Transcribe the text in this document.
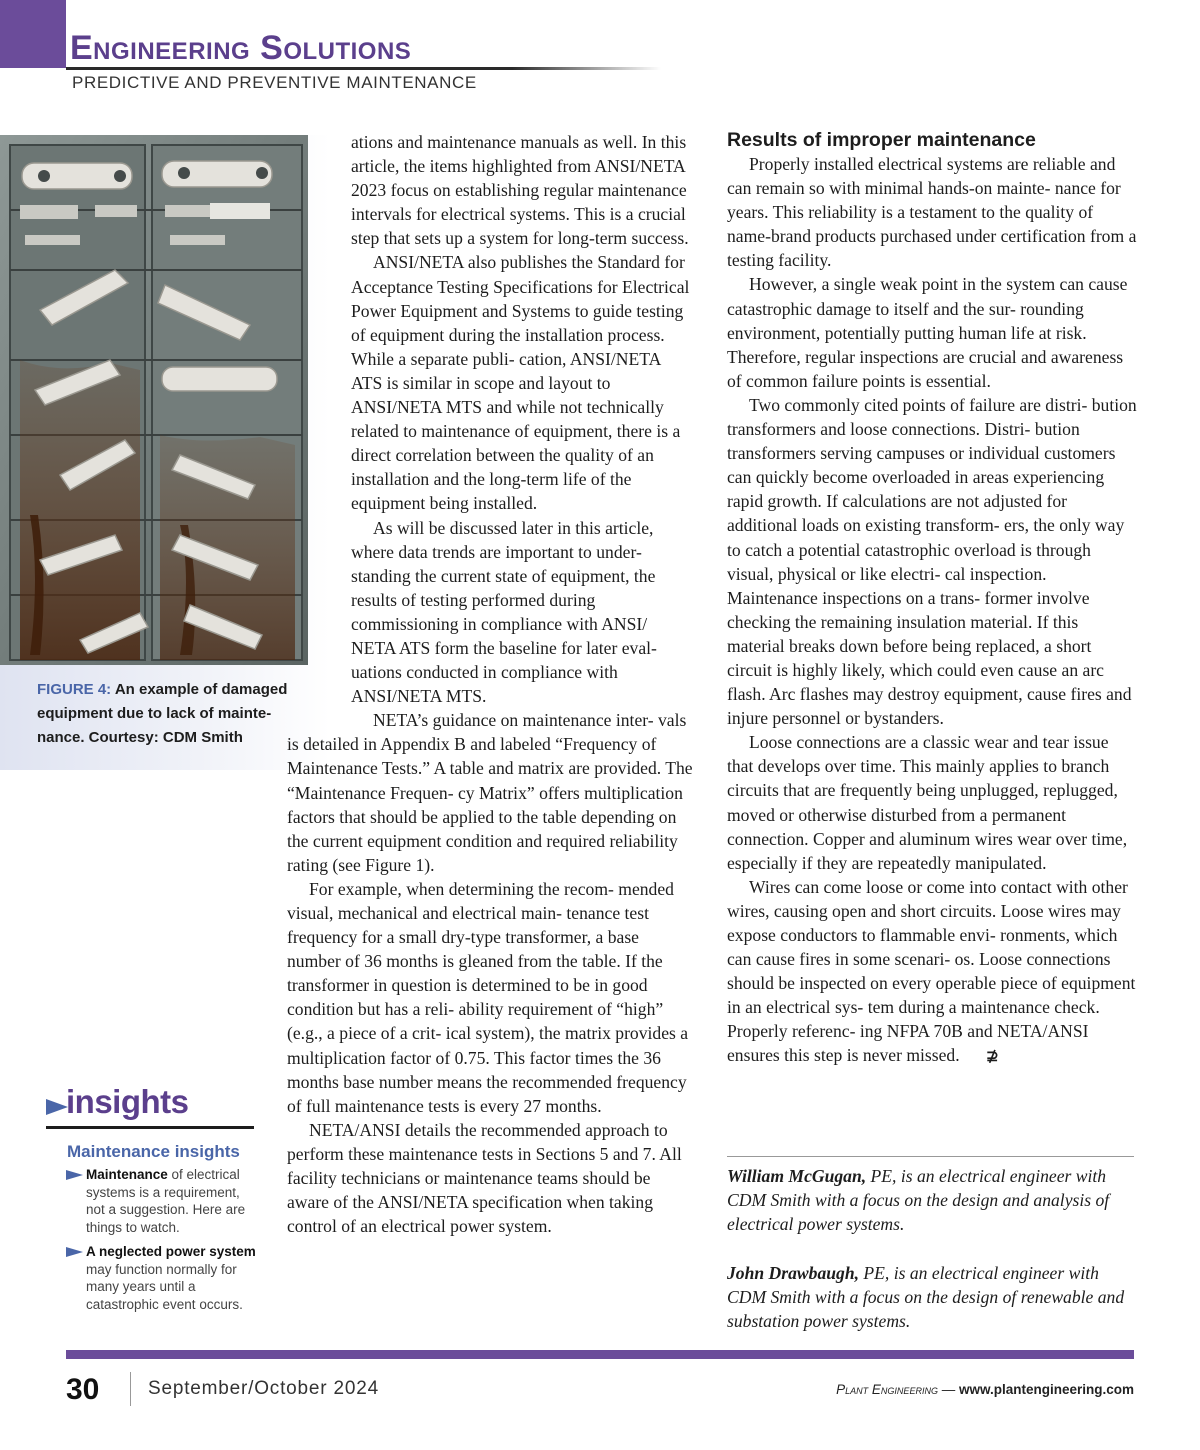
Engineering Solutions
PREDICTIVE AND PREVENTIVE MAINTENANCE
FIGURE 4: An example of damaged equipment due to lack of mainte- nance. Courtesy: CDM Smith
insights
Maintenance insights
Maintenance of electrical systems is a requirement, not a suggestion. Here are things to watch.
A neglected power system may function normally for many years until a catastrophic event occurs.

ations and maintenance manuals as well. In this article, the items highlighted from ANSI/NETA 2023 focus on establishing regular maintenance intervals for electrical systems. This is a crucial step that sets up a system for long-term success.

ANSI/NETA also publishes the Standard for Acceptance Testing Specifications for Electrical Power Equipment and Systems to guide testing of equipment during the installation process. While a separate publi- cation, ANSI/NETA ATS is similar in scope and layout to ANSI/NETA MTS and while not technically related to maintenance of equipment, there is a direct correlation between the quality of an installation and the long-term life of the equipment being installed.

As will be discussed later in this article, where data trends are important to under- standing the current state of equipment, the results of testing performed during commissioning in compliance with ANSI/ NETA ATS form the baseline for later eval- uations conducted in compliance with ANSI/NETA MTS.

NETA’s guidance on maintenance inter- vals is detailed in Appendix B and labeled “Frequency of Maintenance Tests.” A table and matrix are provided. The “Maintenance Frequen- cy Matrix” offers multiplication factors that should be applied to the table depending on the current equipment condition and required reliability rating (see Figure 1).

For example, when determining the recom- mended visual, mechanical and electrical main- tenance test frequency for a small dry-type transformer, a base number of 36 months is gleaned from the table. If the transformer in question is determined to be in good condition but has a reli- ability requirement of “high” (e.g., a piece of a crit- ical system), the matrix provides a multiplication factor of 0.75. This factor times the 36 months base number means the recommended frequency of full maintenance tests is every 27 months.

NETA/ANSI details the recommended approach to perform these maintenance tests in Sections 5 and 7. All facility technicians or maintenance teams should be aware of the ANSI/NETA specification when taking control of an electrical power system.

Results of improper maintenance

Properly installed electrical systems are reliable and can remain so with minimal hands-on mainte- nance for years. This reliability is a testament to the quality of name-brand products purchased under certification from a testing facility.

However, a single weak point in the system can cause catastrophic damage to itself and the sur- rounding environment, potentially putting human life at risk. Therefore, regular inspections are crucial and awareness of common failure points is essential.

Two commonly cited points of failure are distri- bution transformers and loose connections. Distri- bution transformers serving campuses or individual customers can quickly become overloaded in areas experiencing rapid growth. If calculations are not adjusted for additional loads on existing transform- ers, the only way to catch a potential catastrophic overload is through visual, physical or like electri- cal inspection. Maintenance inspections on a trans- former involve checking the remaining insulation material. If this material breaks down before being replaced, a short circuit is highly likely, which could even cause an arc flash. Arc flashes may destroy equipment, cause fires and injure personnel or bystanders.

Loose connections are a classic wear and tear issue that develops over time. This mainly applies to branch circuits that are frequently being unplugged, replugged, moved or otherwise disturbed from a permanent connection. Copper and aluminum wires wear over time, especially if they are repeatedly manipulated.

Wires can come loose or come into contact with other wires, causing open and short circuits. Loose wires may expose conductors to flammable envi- ronments, which can cause fires in some scenari- os. Loose connections should be inspected on every operable piece of equipment in an electrical sys- tem during a maintenance check. Properly referenc- ing NFPA 70B and NETA/ANSI ensures this step is never missed. ⊉

William McGugan, PE, is an electrical engineer with CDM Smith with a focus on the design and analysis of electrical power systems.
John Drawbaugh, PE, is an electrical engineer with CDM Smith with a focus on the design of renewable and substation power systems.
30	September/October 2024	Plant Engineering — www.plantengineering.com
